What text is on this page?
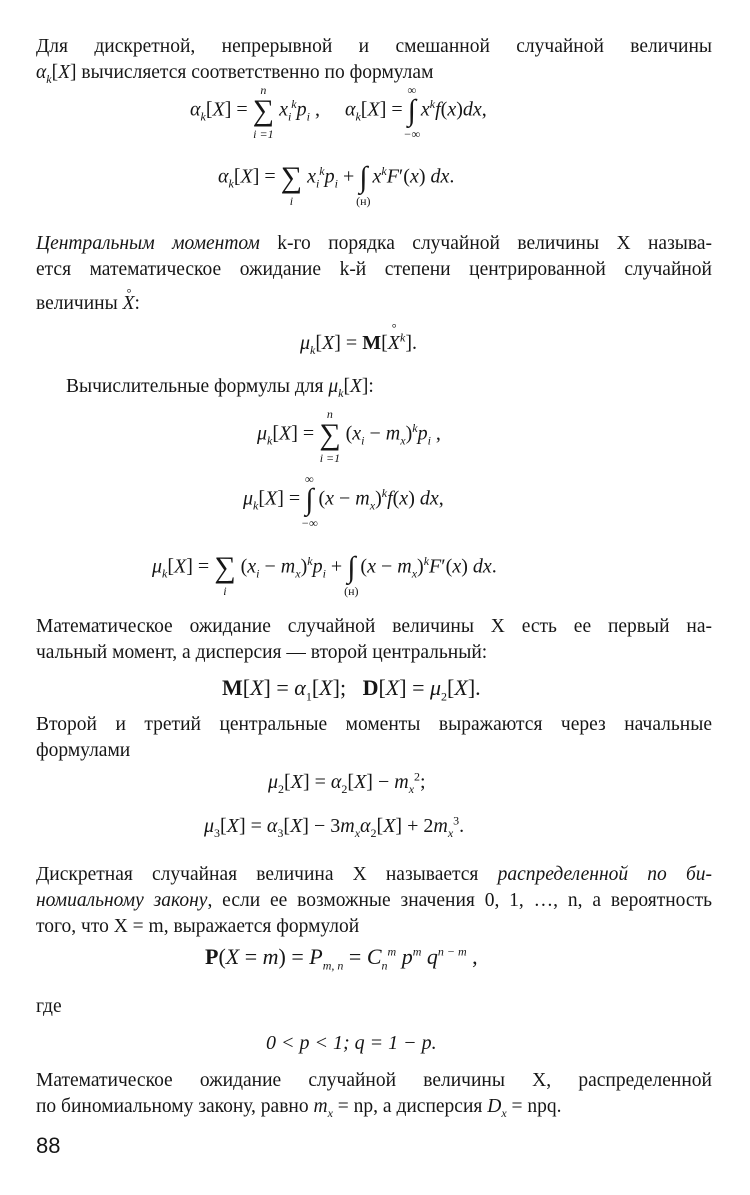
Для дискретной, непрерывной и смешанной случайной величины
$\alpha_k[X]$ вычисляется соответственно по формулам
$\alpha_k[X]$ = ∑
n
i =1
$x_i^kp_i$ ,     $\alpha_k[X]$ = ∫
∞
−∞
$x^kf(x)dx$,
$\alpha_k[X]$ = ∑
i
$x_i^kp_i$ + ∫
(н)
$x^kF'(x)$ dx.
Центральным моментом k-го порядка случайной величины X называ-
ется математическое ожидание k-й степени центрированной случайной
величины ° X:
$\mu_k[X] = M[^\circ$ $X^k$].
Вычислительные формулы для $\mu_k[X]$:
$\mu_k[X]$ = ∑
n
i =1
$(x_i - m_x)^kp_i$ ,
$\mu_k[X]$ = ∫
∞
−∞
$(x - m_x)^kf(x)$ dx,
$\mu_k[X]$ = ∑
i
$(x_i - m_x)^kp_i$ + ∫
(н)
$(x - m_x)^kF'(x)$ dx.
Математическое ожидание случайной величины X есть ее первый на-
чальный момент, а дисперсия — второй центральный:
$M[X] = \alpha_1[X]$;   $D[X] = \mu_2[X]$.
Второй и третий центральные моменты выражаются через начальные
формулами
$\mu_2[X] = \alpha_2[X] - m_x^2$;
$\mu_3[X] = \alpha_3[X] - 3m_x\alpha_2[X] + 2m_x^3$.
Дискретная случайная величина X называется распределенной по би-
номиальному закону, если ее возможные значения 0, 1, …, n, а вероятность
того, что X = m, выражается формулой
$P(X = m) = P_{m, n} = C_n^m$ $p^m$ $q^{n - m}$ ,
где
0 < p < 1; q = 1 − p.
Математическое ожидание случайной величины X, распределенной
по биномиальному закону, равно $m_x$ = np, а дисперсия $D_x$ = npq.
88
